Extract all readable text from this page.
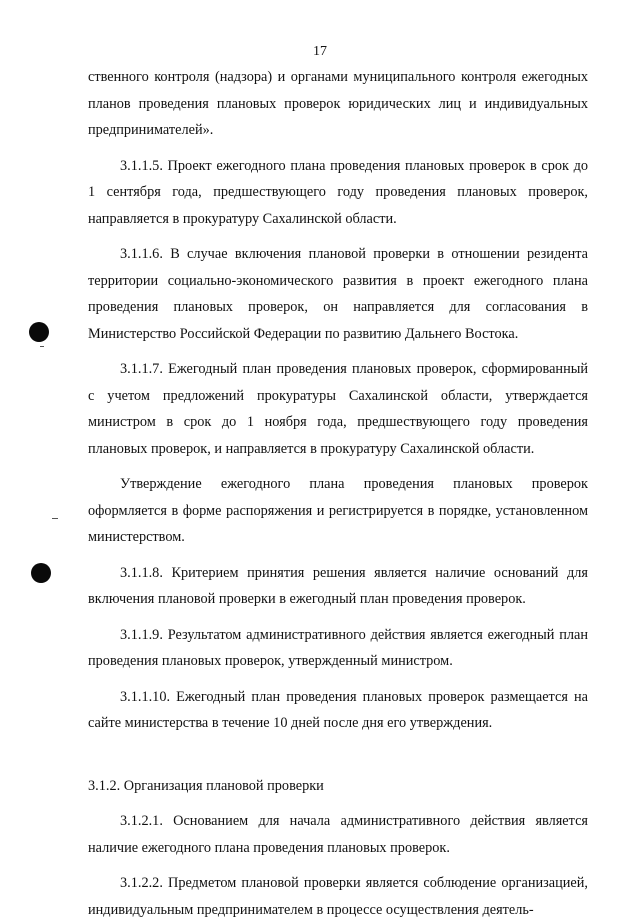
17

ственного контроля (надзора) и органами муниципального контроля ежегодных планов проведения плановых проверок юридических лиц и индивидуальных предпринимателей».

3.1.1.5. Проект ежегодного плана проведения плановых проверок в срок до 1 сентября года, предшествующего году проведения плановых проверок, направляется в прокуратуру Сахалинской области.

3.1.1.6. В случае включения плановой проверки в отношении резидента территории социально-экономического развития в проект ежегодного плана проведения плановых проверок, он направляется для согласования в Министерство Российской Федерации по развитию Дальнего Востока.

3.1.1.7. Ежегодный план проведения плановых проверок, сформированный с учетом предложений прокуратуры Сахалинской области, утверждается министром в срок до 1 ноября года, предшествующего году проведения плановых проверок, и направляется в прокуратуру Сахалинской области.

Утверждение ежегодного плана проведения плановых проверок оформляется в форме распоряжения и регистрируется в порядке, установленном министерством.

3.1.1.8. Критерием принятия решения является наличие оснований для включения плановой проверки в ежегодный план проведения проверок.

3.1.1.9. Результатом административного действия является ежегодный план проведения плановых проверок, утвержденный министром.

3.1.1.10. Ежегодный план проведения плановых проверок размещается на сайте министерства в течение 10 дней после дня его утверждения.

3.1.2. Организация плановой проверки

3.1.2.1. Основанием для начала административного действия является наличие ежегодного плана проведения плановых проверок.

3.1.2.2. Предметом плановой проверки является соблюдение организацией, индивидуальным предпринимателем в процессе осуществления деятель-
